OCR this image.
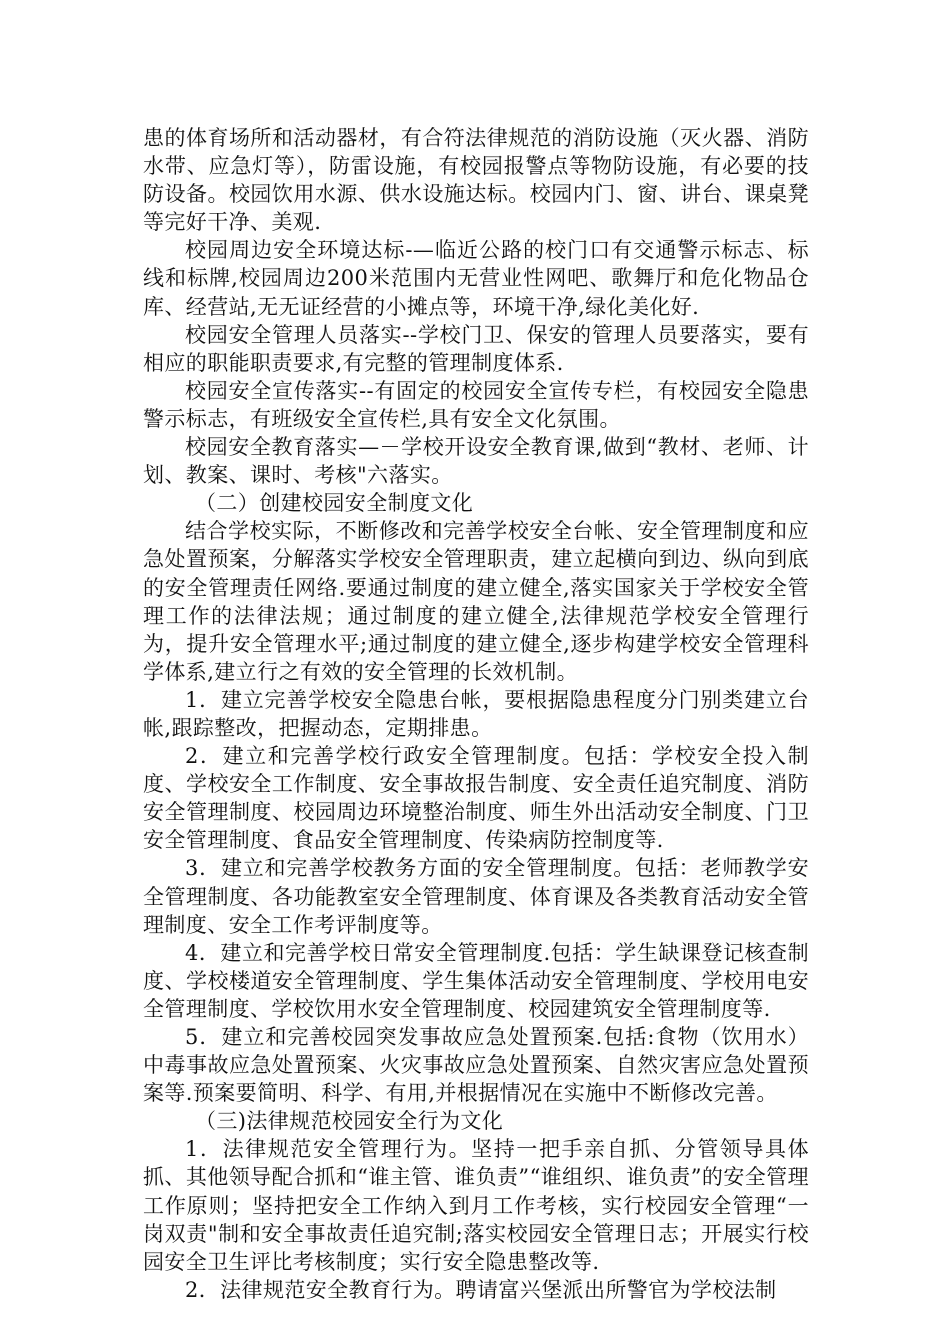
患的体育场所和活动器材，有合符法律规范的消防设施（灭火器、消防水带、应急灯等），防雷设施，有校园报警点等物防设施，有必要的技防设备。校园饮用水源、供水设施达标。校园内门、窗、讲台、课桌凳等完好干净、美观.

校园周边安全环境达标-—临近公路的校门口有交通警示标志、标线和标牌,校园周边200米范围内无营业性网吧、歌舞厅和危化物品仓库、经营站,无无证经营的小摊点等，环境干净,绿化美化好.

校园安全管理人员落实--学校门卫、保安的管理人员要落实，要有相应的职能职责要求,有完整的管理制度体系.

校园安全宣传落实--有固定的校园安全宣传专栏，有校园安全隐患警示标志，有班级安全宣传栏,具有安全文化氛围。

校园安全教育落实—－学校开设安全教育课,做到“教材、老师、计划、教案、课时、考核"六落实。

（二）创建校园安全制度文化

结合学校实际，不断修改和完善学校安全台帐、安全管理制度和应急处置预案，分解落实学校安全管理职责，建立起横向到边、纵向到底的安全管理责任网络.要通过制度的建立健全,落实国家关于学校安全管理工作的法律法规；通过制度的建立健全,法律规范学校安全管理行为，提升安全管理水平;通过制度的建立健全,逐步构建学校安全管理科学体系,建立行之有效的安全管理的长效机制。

1．建立完善学校安全隐患台帐，要根据隐患程度分门别类建立台帐,跟踪整改，把握动态，定期排患。

2．建立和完善学校行政安全管理制度。包括：学校安全投入制度、学校安全工作制度、安全事故报告制度、安全责任追究制度、消防安全管理制度、校园周边环境整治制度、师生外出活动安全制度、门卫安全管理制度、食品安全管理制度、传染病防控制度等.

3．建立和完善学校教务方面的安全管理制度。包括：老师教学安全管理制度、各功能教室安全管理制度、体育课及各类教育活动安全管理制度、安全工作考评制度等。

4．建立和完善学校日常安全管理制度.包括：学生缺课登记核查制度、学校楼道安全管理制度、学生集体活动安全管理制度、学校用电安全管理制度、学校饮用水安全管理制度、校园建筑安全管理制度等.

5．建立和完善校园突发事故应急处置预案.包括:食物（饮用水）中毒事故应急处置预案、火灾事故应急处置预案、自然灾害应急处置预案等.预案要简明、科学、有用,并根据情况在实施中不断修改完善。

（三)法律规范校园安全行为文化

1．法律规范安全管理行为。坚持一把手亲自抓、分管领导具体抓、其他领导配合抓和“谁主管、谁负责”“谁组织、谁负责”的安全管理工作原则；坚持把安全工作纳入到月工作考核，实行校园安全管理“一岗双责"制和安全事故责任追究制;落实校园安全管理日志；开展实行校园安全卫生评比考核制度；实行安全隐患整改等.

2．法律规范安全教育行为。聘请富兴堡派出所警官为学校法制
